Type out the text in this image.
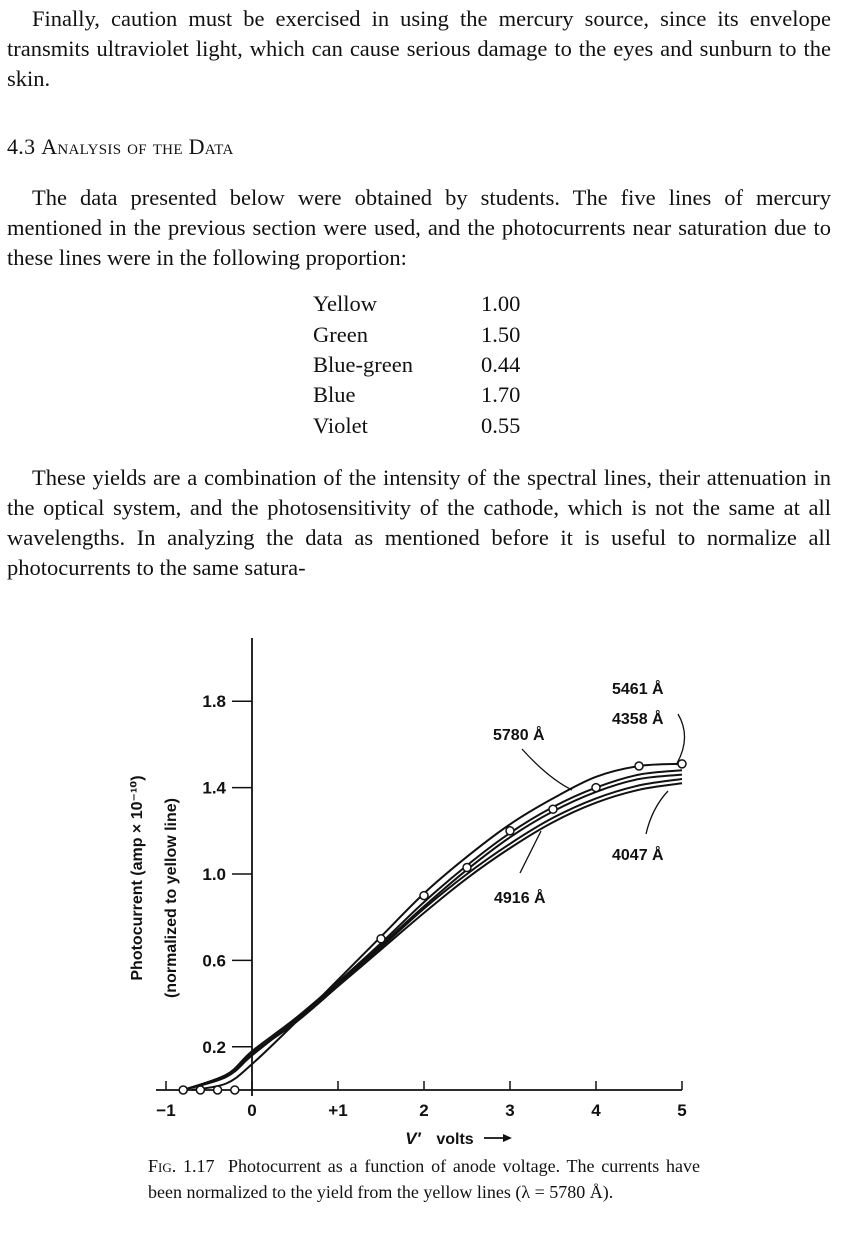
Finally, caution must be exercised in using the mercury source, since its envelope transmits ultraviolet light, which can cause serious damage to the eyes and sunburn to the skin.

4.3 Analysis of the Data

The data presented below were obtained by students. The five lines of mercury mentioned in the previous section were used, and the photocurrents near saturation due to these lines were in the following proportion:

Yellow	1.00
Green	1.50
Blue-green	0.44
Blue	1.70
Violet	0.55

These yields are a combination of the intensity of the spectral lines, their attenuation in the optical system, and the photosensitivity of the cathode, which is not the same at all wavelengths. In analyzing the data as mentioned before it is useful to normalize all photocurrents to the same satura-

−1	0	+1	2	3	4	5
0.2
0.6
1.0
1.4
1.8
V′ volts
Photocurrent (amp × 10⁻¹⁰) (normalized to yellow line)
5780 Å
5461 Å
4358 Å
4916 Å
4047 Å

Fig. 1.17 Photocurrent as a function of anode voltage. The currents have been normalized to the yield from the yellow lines (λ = 5780 Å).
